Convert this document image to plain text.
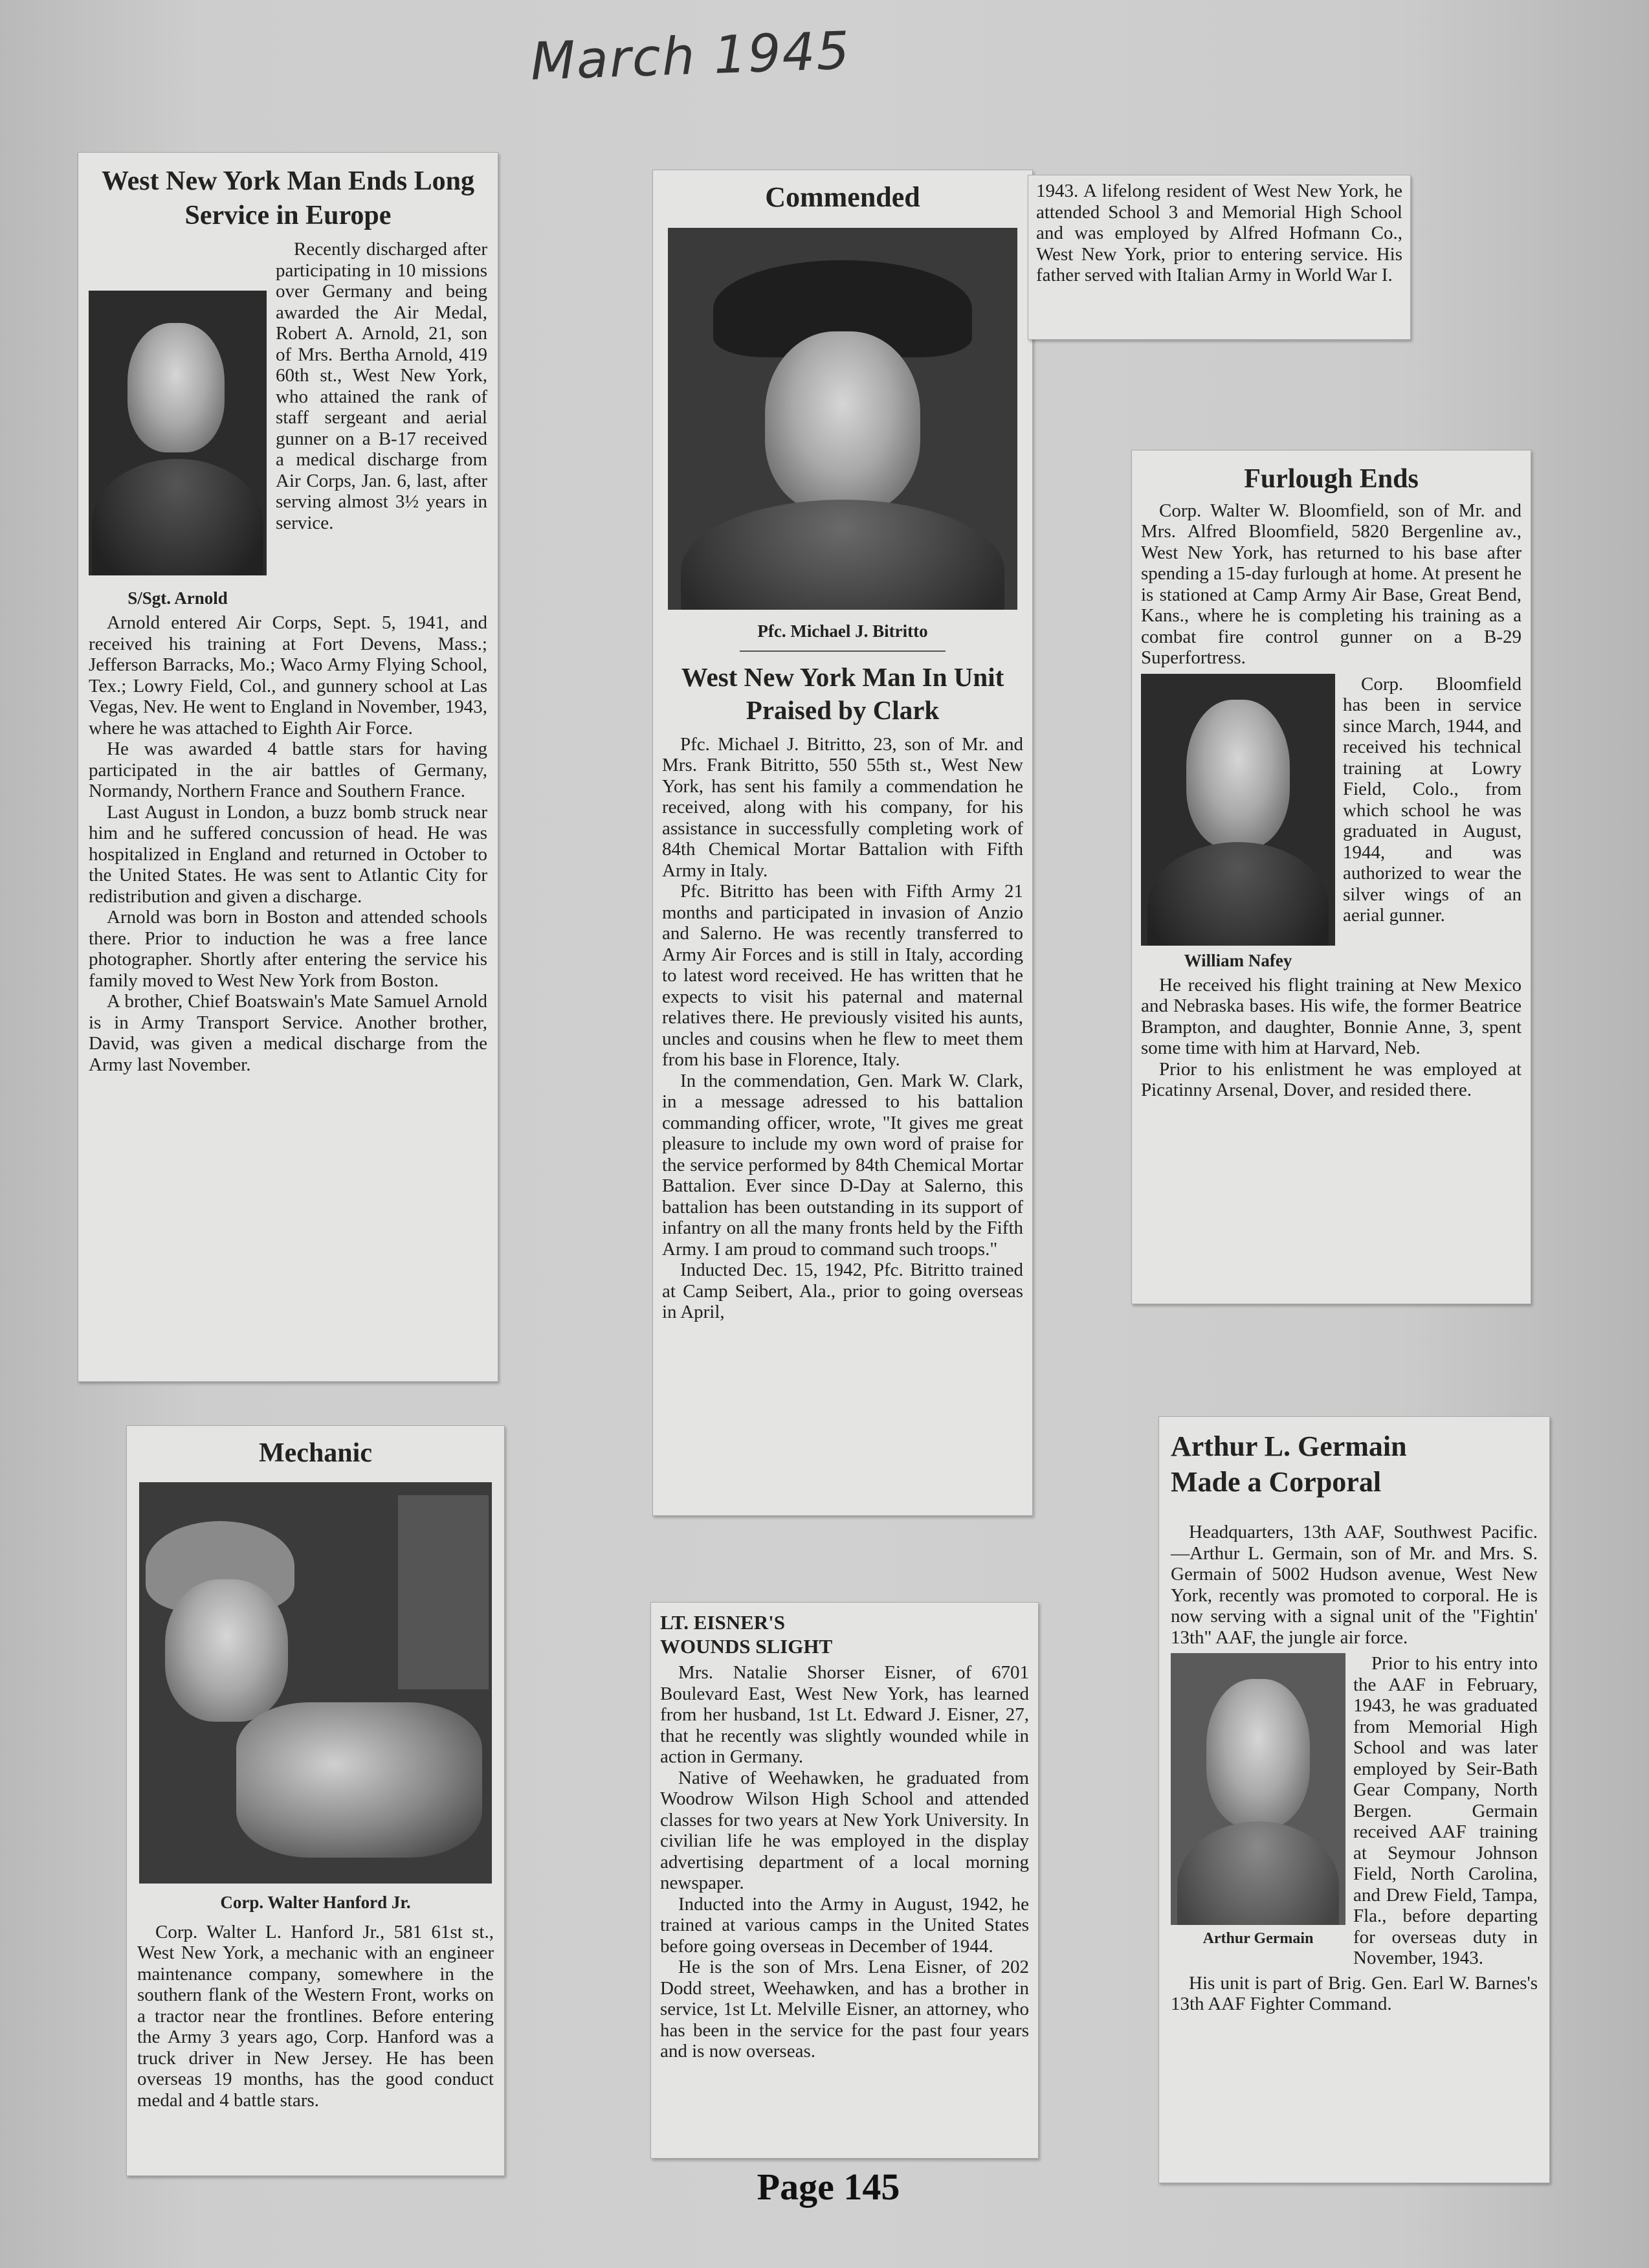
March 1945
West New York Man Ends Long Service in Europe
S/Sgt. Arnold

Recently discharged after participating in 10 missions over Germany and being awarded the Air Medal, Robert A. Arnold, 21, son of Mrs. Bertha Arnold, 419 60th st., West New York, who attained the rank of staff sergeant and aerial gunner on a B-17 received a medical discharge from Air Corps, Jan. 6, last, after serving almost 3½ years in service.

Arnold entered Air Corps, Sept. 5, 1941, and received his training at Fort Devens, Mass.; Jefferson Barracks, Mo.; Waco Army Flying School, Tex.; Lowry Field, Col., and gunnery school at Las Vegas, Nev. He went to England in November, 1943, where he was attached to Eighth Air Force.

He was awarded 4 battle stars for having participated in the air battles of Germany, Normandy, Northern France and Southern France.

Last August in London, a buzz bomb struck near him and he suffered concussion of head. He was hospitalized in England and returned in October to the United States. He was sent to Atlantic City for redistribution and given a discharge.

Arnold was born in Boston and attended schools there. Prior to induction he was a free lance photographer. Shortly after entering the service his family moved to West New York from Boston.

A brother, Chief Boatswain's Mate Samuel Arnold is in Army Transport Service. Another brother, David, was given a medical discharge from the Army last November.

Commended
Pfc. Michael J. Bitritto
West New York Man In Unit Praised by Clark

Pfc. Michael J. Bitritto, 23, son of Mr. and Mrs. Frank Bitritto, 550 55th st., West New York, has sent his family a commendation he received, along with his company, for his assistance in successfully completing work of 84th Chemical Mortar Battalion with Fifth Army in Italy.

Pfc. Bitritto has been with Fifth Army 21 months and participated in invasion of Anzio and Salerno. He was recently transferred to Army Air Forces and is still in Italy, according to latest word received. He has written that he expects to visit his paternal and maternal relatives there. He previously visited his aunts, uncles and cousins when he flew to meet them from his base in Florence, Italy.

In the commendation, Gen. Mark W. Clark, in a message adressed to his battalion commanding officer, wrote, "It gives me great pleasure to include my own word of praise for the service performed by 84th Chemical Mortar Battalion. Ever since D-Day at Salerno, this battalion has been outstanding in its support of infantry on all the many fronts held by the Fifth Army. I am proud to command such troops."

Inducted Dec. 15, 1942, Pfc. Bitritto trained at Camp Seibert, Ala., prior to going overseas in April,

1943. A lifelong resident of West New York, he attended School 3 and Memorial High School and was employed by Alfred Hofmann Co., West New York, prior to entering service. His father served with Italian Army in World War I.
Furlough Ends

Corp. Walter W. Bloomfield, son of Mr. and Mrs. Alfred Bloomfield, 5820 Bergenline av., West New York, has returned to his base after spending a 15-day furlough at home. At present he is stationed at Camp Army Air Base, Great Bend, Kans., where he is completing his training as a combat fire control gunner on a B-29 Superfortress.

William Nafey

Corp. Bloomfield has been in service since March, 1944, and received his technical training at Lowry Field, Colo., from which school he was graduated in August, 1944, and was authorized to wear the silver wings of an aerial gunner.

He received his flight training at New Mexico and Nebraska bases. His wife, the former Beatrice Brampton, and daughter, Bonnie Anne, 3, spent some time with him at Harvard, Neb.

Prior to his enlistment he was employed at Picatinny Arsenal, Dover, and resided there.

Mechanic
Corp. Walter Hanford Jr.

Corp. Walter L. Hanford Jr., 581 61st st., West New York, a mechanic with an engineer maintenance company, somewhere in the southern flank of the Western Front, works on a tractor near the frontlines. Before entering the Army 3 years ago, Corp. Hanford was a truck driver in New Jersey. He has been overseas 19 months, has the good conduct medal and 4 battle stars.

LT. EISNER'S WOUNDS SLIGHT

Mrs. Natalie Shorser Eisner, of 6701 Boulevard East, West New York, has learned from her husband, 1st Lt. Edward J. Eisner, 27, that he recently was slightly wounded while in action in Germany.

Native of Weehawken, he graduated from Woodrow Wilson High School and attended classes for two years at New York University. In civilian life he was employed in the display advertising department of a local morning newspaper.

Inducted into the Army in August, 1942, he trained at various camps in the United States before going overseas in December of 1944.

He is the son of Mrs. Lena Eisner, of 202 Dodd street, Weehawken, and has a brother in service, 1st Lt. Melville Eisner, an attorney, who has been in the service for the past four years and is now overseas.

Arthur L. Germain Made a Corporal

Headquarters, 13th AAF, Southwest Pacific.—Arthur L. Germain, son of Mr. and Mrs. S. Germain of 5002 Hudson avenue, West New York, recently was promoted to corporal. He is now serving with a signal unit of the "Fightin' 13th" AAF, the jungle air force.

Arthur Germain

Prior to his entry into the AAF in February, 1943, he was graduated from Memorial High School and was later employed by Seir-Bath Gear Company, North Bergen. Germain received AAF training at Seymour Johnson Field, North Carolina, and Drew Field, Tampa, Fla., before departing for overseas duty in November, 1943.

His unit is part of Brig. Gen. Earl W. Barnes's 13th AAF Fighter Command.

Page 145
